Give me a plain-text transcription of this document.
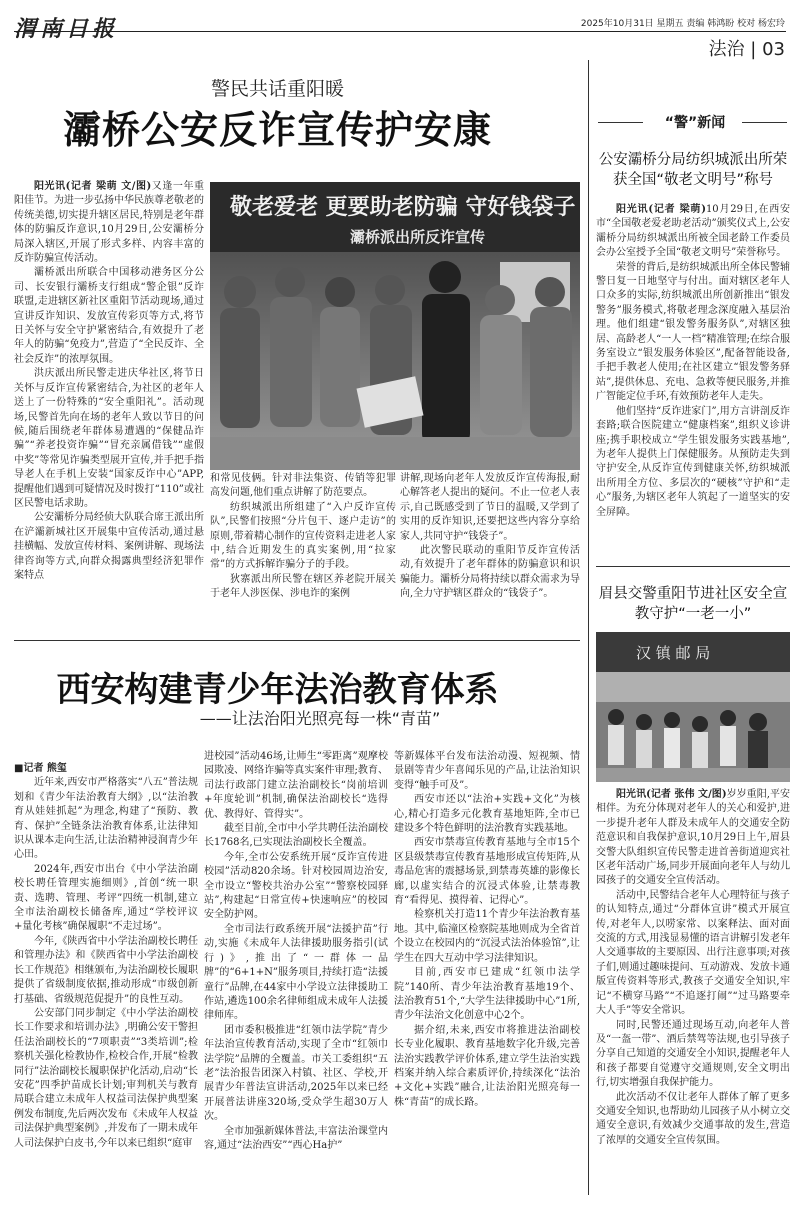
渭南日报	2025年10月31日 星期五 责编 韩鸿盼 校对 杨宏玲
法治 | 03
警民共话重阳暖
灞桥公安反诈宣传护安康

阳光讯(记者 梁萌 文/图)又逢一年重阳佳节。为进一步弘扬中华民族尊老敬老的传统美德,切实提升辖区居民,特别是老年群体的防骗反诈意识,10月29日,公安灞桥分局深入辖区,开展了形式多样、内容丰富的反诈防骗宣传活动。

灞桥派出所联合中国移动港务区分公司、长安银行灞桥支行组成“警企银”反诈联盟,走进辖区新社区重阳节活动现场,通过宣讲反诈知识、发放宣传彩页等方式,将节日关怀与安全守护紧密结合,有效提升了老年人的防骗“免疫力”,营造了“全民反诈、全社会反诈”的浓厚氛围。

洪庆派出所民警走进庆华社区,将节日关怀与反诈宣传紧密结合,为社区的老年人送上了一份特殊的“安全重阳礼”。活动现场,民警首先向在场的老年人致以节日的问候,随后围绕老年群体易遭遇的“保健品诈骗”“养老投资诈骗”“冒充亲属借钱”“虚假中奖”等常见诈骗类型展开宣传,并手把手指导老人在手机上安装“国家反诈中心”APP,提醒他们遇到可疑情况及时拨打“110”或社区民警电话求助。

公安灞桥分局经侦大队联合席王派出所在浐灞新城社区开展集中宣传活动,通过悬挂横幅、发放宣传材料、案例讲解、现场法律咨询等方式,向群众揭露典型经济犯罪作案特点

敬老爱老 更要助老防骗 守好钱袋子
灞桥派出所反诈宣传

和常见伎俩。针对非法集资、传销等犯罪高发问题,他们重点讲解了防范要点。

纺织城派出所组建了“入户反诈宣传队”,民警们按照“分片包干、逐户走访”的原则,带着精心制作的宣传资料走进老人家中,结合近期发生的真实案例,用“拉家常”的方式拆解诈骗分子的手段。

狄寨派出所民警在辖区养老院开展关于老年人涉医保、涉电诈的案例

讲解,现场向老年人发放反诈宣传海报,耐心解答老人提出的疑问。不止一位老人表示,自己既感受到了节日的温暖,又学到了实用的反诈知识,还要把这些内容分享给家人,共同守护“钱袋子”。

此次警民联动的重阳节反诈宣传活动,有效提升了老年群体的防骗意识和识骗能力。灞桥分局将持续以群众需求为导向,全力守护辖区群众的“钱袋子”。

“警”新闻
公安灞桥分局纺织城派出所荣获全国“敬老文明号”称号

阳光讯(记者 梁萌)10月29日,在西安市“全国敬老爱老助老活动”颁奖仪式上,公安灞桥分局纺织城派出所被全国老龄工作委员会办公室授予全国“敬老文明号”荣誉称号。

荣誉的背后,是纺织城派出所全体民警辅警日复一日地坚守与付出。面对辖区老年人口众多的实际,纺织城派出所创新推出“银发警务”服务模式,将敬老理念深度融入基层治理。他们组建“银发警务服务队”,对辖区独居、高龄老人“一人一档”精准管理;在综合服务室设立“银发服务体验区”,配备智能设备,手把手教老人使用;在社区建立“银发警务驿站”,提供休息、充电、急救等便民服务,并推广智能定位手环,有效预防老年人走失。

他们坚持“反诈进家门”,用方言讲剖反诈套路;联合医院建立“健康档案”,组织义诊讲座;携手职校成立“学生银发服务实践基地”,为老年人提供上门保健服务。从预防走失到守护安全,从反诈宣传到健康关怀,纺织城派出所用全方位、多层次的“硬核”守护和“走心”服务,为辖区老年人筑起了一道坚实的安全屏障。

眉县交警重阳节进社区安全宣教守护“一老一小”
汉 镇 邮 局

阳光讯(记者 张伟 文/图)岁岁重阳,平安相伴。为充分体现对老年人的关心和爱护,进一步提升老年人群及未成年人的交通安全防范意识和自我保护意识,10月29日上午,眉县交警大队组织宣传民警走进首善街道迎宾社区老年活动广场,同步开展面向老年人与幼儿园孩子的交通安全宣传活动。

活动中,民警结合老年人心理特征与孩子的认知特点,通过“分群体宣讲”模式开展宣传,对老年人,以唠家常、以案释法、面对面交流的方式,用浅显易懂的语言讲解引发老年人交通事故的主要原因、出行注意事项;对孩子们,则通过趣味提问、互动游戏、发放卡通版宣传资料等形式,教孩子交通安全知识,牢记“不横穿马路”“不追逐打闹”“过马路要牵大人手”等安全常识。

同时,民警还通过现场互动,向老年人普及“一盔一带”、酒后禁驾等法规,也引导孩子分享自己知道的交通安全小知识,提醒老年人和孩子都要自觉遵守交通规则,安全文明出行,切实增强自我保护能力。

此次活动不仅让老年人群体了解了更多交通安全知识,也帮助幼儿园孩子从小树立交通安全意识,有效减少交通事故的发生,营造了浓厚的交通安全宣传氛围。

西安构建青少年法治教育体系
——让法治阳光照亮每一株“青苗”

■记者 熊玺

近年来,西安市严格落实“八五”普法规划和《青少年法治教育大纲》,以“法治教育从娃娃抓起”为理念,构建了“预防、教育、保护”全链条法治教育体系,让法律知识从课本走向生活,让法治精神浸润青少年心田。

2024年,西安市出台《中小学法治副校长聘任管理实施细则》,首创“统一职责、选聘、管理、考评”四统一机制,建立全市法治副校长储备库,通过“学校评议+量化考核”确保履职“不走过场”。

今年,《陕西省中小学法治副校长聘任和管理办法》和《陕西省中小学法治副校长工作规范》相继颁布,为法治副校长履职提供了省级制度依据,推动形成“市级创新打基础、省级规范促提升”的良性互动。

公安部门同步制定《中小学法治副校长工作要求和培训办法》,明确公安干警担任法治副校长的“7项职责”“3类培训”;检察机关强化检教协作,检校合作,开展“检教同行”法治副校长履职保护化活动,启动“长安花”四季护苗成长计划;审判机关与教育局联合建立未成年人权益司法保护典型案例发布制度,先后两次发布《未成年人权益司法保护典型案例》,并发布了一期未成年人司法保护白皮书,今年以来已组织“庭审

进校园”活动46场,让师生“零距离”观摩校园欺凌、网络诈骗等真实案件审理;教育、司法行政部门建立法治副校长“岗前培训+年度轮训”机制,确保法治副校长“选得优、教得好、管得实”。

截至目前,全市中小学共聘任法治副校长1768名,已实现法治副校长全覆盖。

今年,全市公安系统开展“反诈宣传进校园”活动820余场。针对校园周边治安,全市设立“警校共治办公室”“警察校园驿站”,构建起“日常宣传+快速响应”的校园安全防护网。

全市司法行政系统开展“法援护苗”行动,实施《未成年人法律援助服务指引(试行)》,推出了“一群体一品牌”的“6+1+N”服务项目,持续打造“法援童行”品牌,在44家中小学设立法律援助工作站,遴选100余名律师组成未成年人法援律师库。

团市委积极推进“红领巾法学院”青少年法治宣传教育活动,实现了全市“红领巾法学院”品牌的全覆盖。市关工委组织“五老”法治报告团深入村镇、社区、学校,开展青少年普法宣讲活动,2025年以来已经开展普法讲座320场,受众学生超30万人次。

全市加强新媒体普法,丰富法治课堂内容,通过“法治西安”“西心Ha护”

等新媒体平台发布法治动漫、短视频、情景剧等青少年喜闻乐见的产品,让法治知识变得“触手可及”。

西安市还以“法治+实践+文化”为核心,精心打造多元化教育基地矩阵,全市已建设多个特色鲜明的法治教育实践基地。

西安市禁毒宣传教育基地与全市15个区县级禁毒宣传教育基地形成宣传矩阵,从毒品危害的震撼场景,到禁毒英雄的影像长廊,以虚实结合的沉浸式体验,让禁毒教育“看得见、摸得着、记得心”。

检察机关打造11个青少年法治教育基地。其中,临潼区检察院基地则成为全省首个设立在校园内的“沉浸式法治体验馆”,让学生在四大互动中学习法律知识。

目前,西安市已建成“红领巾法学院”140所、青少年法治教育基地19个、法治教育51个,“大学生法律援助中心”1所,青少年法治文化创意中心2个。

据介绍,未来,西安市将推进法治副校长专业化履职、教育基地数字化升级,完善法治实践教学评价体系,建立学生法治实践档案并纳入综合素质评价,持续深化“法治+文化+实践”融合,让法治阳光照亮每一株“青苗”的成长路。
